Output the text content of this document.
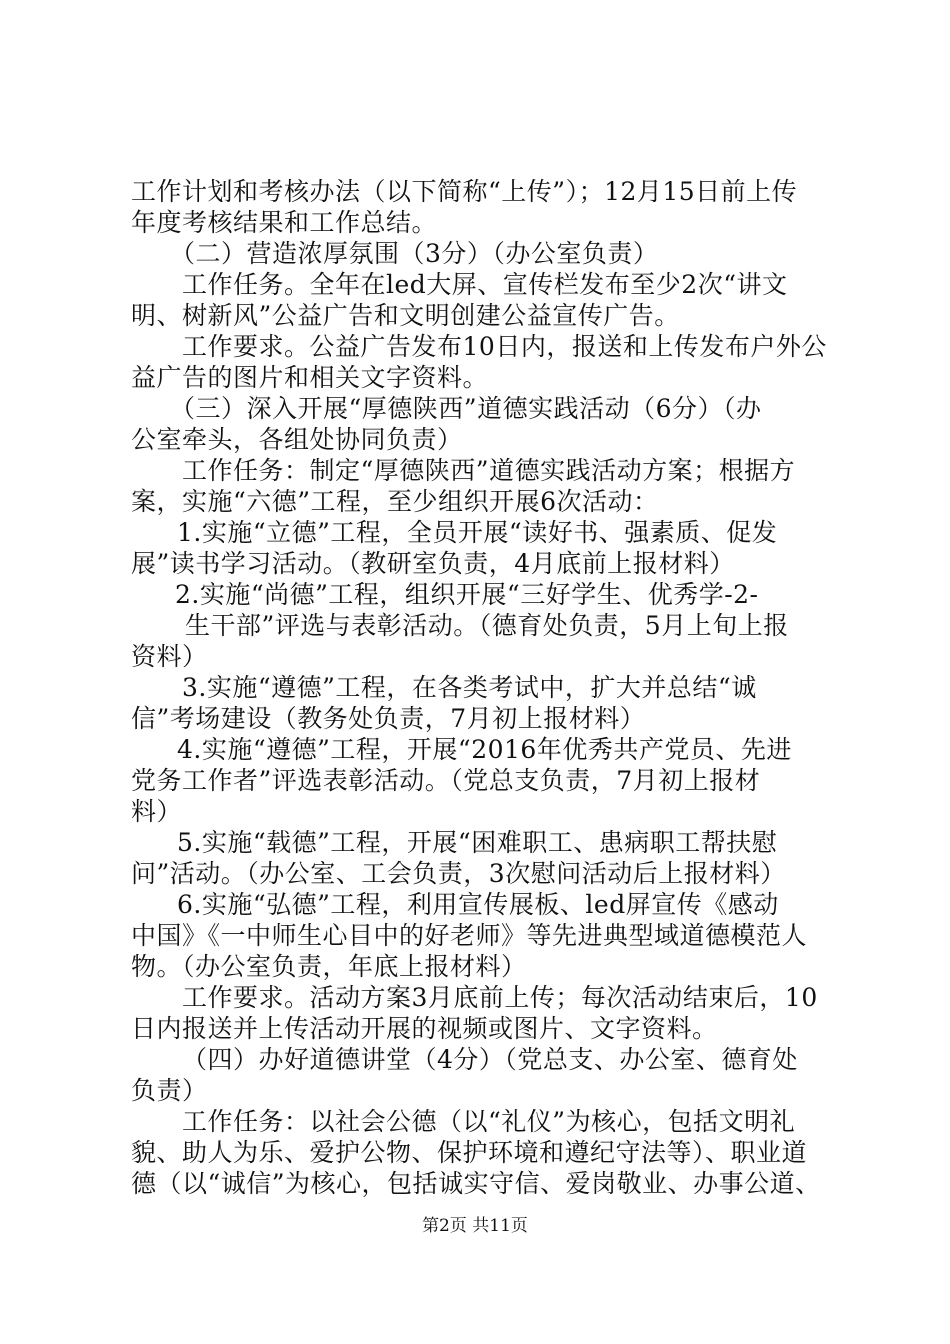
工作计划和考核办法（以下简称“上传”）；12月15日前上传
年度考核结果和工作总结。
（二）营造浓厚氛围（3分）（办公室负责）
工作任务。全年在led大屏、宣传栏发布至少2次“讲文
明、树新风”公益广告和文明创建公益宣传广告。
工作要求。公益广告发布10日内，报送和上传发布户外公
益广告的图片和相关文字资料。
（三）深入开展“厚德陕西”道德实践活动（6分）（办
公室牵头，各组处协同负责）
工作任务：制定“厚德陕西”道德实践活动方案；根据方
案，实施“六德”工程，至少组织开展6次活动：
1.实施“立德”工程，全员开展“读好书、强素质、促发
展”读书学习活动。（教研室负责，4月底前上报材料）
2.实施“尚德”工程，组织开展“三好学生、优秀学-2-
生干部”评选与表彰活动。（德育处负责，5月上旬上报
资料）
3.实施“遵德”工程，在各类考试中，扩大并总结“诚
信”考场建设（教务处负责，7月初上报材料）
4.实施“遵德”工程，开展“2016年优秀共产党员、先进
党务工作者”评选表彰活动。（党总支负责，7月初上报材
料）
5.实施“载德”工程，开展“困难职工、患病职工帮扶慰
问”活动。（办公室、工会负责，3次慰问活动后上报材料）
6.实施“弘德”工程，利用宣传展板、led屏宣传《感动
中国》《一中师生心目中的好老师》等先进典型域道德模范人
物。（办公室负责，年底上报材料）
工作要求。活动方案3月底前上传；每次活动结束后，10
日内报送并上传活动开展的视频或图片、文字资料。
（四）办好道德讲堂（4分）（党总支、办公室、德育处
负责）
工作任务：以社会公德（以“礼仪”为核心，包括文明礼
貌、助人为乐、爱护公物、保护环境和遵纪守法等）、职业道
德（以“诚信”为核心，包括诚实守信、爱岗敬业、办事公道、
第2页 共11页
